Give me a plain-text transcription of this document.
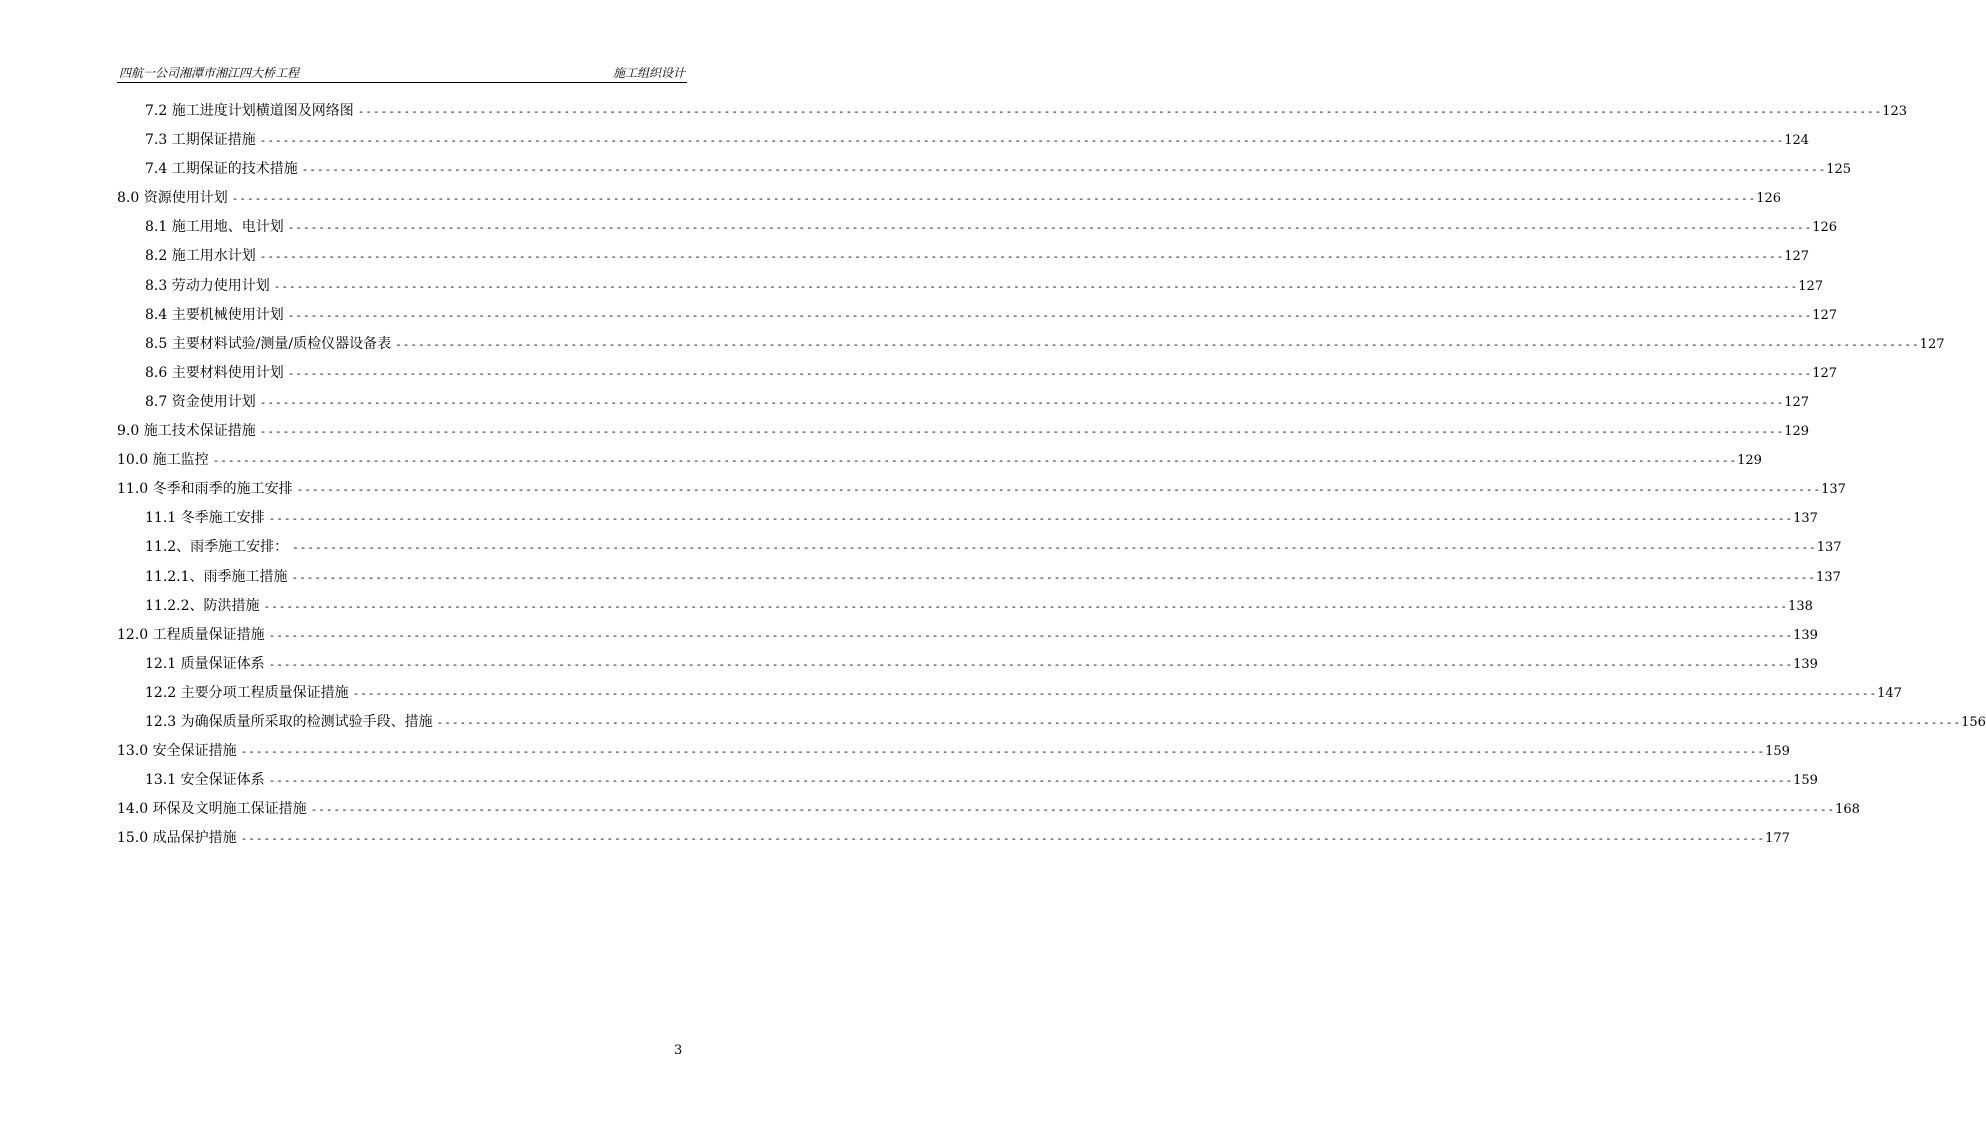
四航一公司湘潭市湘江四大桥工程	施工组织设计
7.2 施工进度计划横道图及网络图 -------------------------------------------------------------------------------------------------------------------------------------------------------------------------------------------------------- 123
7.3 工期保证措施 -------------------------------------------------------------------------------------------------------------------------------------------------------------------------------------------------------- 124
7.4 工期保证的技术措施 -------------------------------------------------------------------------------------------------------------------------------------------------------------------------------------------------------- 125
8.0 资源使用计划 -------------------------------------------------------------------------------------------------------------------------------------------------------------------------------------------------------- 126
8.1 施工用地、电计划 -------------------------------------------------------------------------------------------------------------------------------------------------------------------------------------------------------- 126
8.2 施工用水计划 -------------------------------------------------------------------------------------------------------------------------------------------------------------------------------------------------------- 127
8.3 劳动力使用计划 -------------------------------------------------------------------------------------------------------------------------------------------------------------------------------------------------------- 127
8.4 主要机械使用计划 -------------------------------------------------------------------------------------------------------------------------------------------------------------------------------------------------------- 127
8.5 主要材料试验/测量/质检仪器设备表 -------------------------------------------------------------------------------------------------------------------------------------------------------------------------------------------------------- 127
8.6 主要材料使用计划 -------------------------------------------------------------------------------------------------------------------------------------------------------------------------------------------------------- 127
8.7 资金使用计划 -------------------------------------------------------------------------------------------------------------------------------------------------------------------------------------------------------- 127
9.0 施工技术保证措施 -------------------------------------------------------------------------------------------------------------------------------------------------------------------------------------------------------- 129
10.0 施工监控 -------------------------------------------------------------------------------------------------------------------------------------------------------------------------------------------------------- 129
11.0 冬季和雨季的施工安排 -------------------------------------------------------------------------------------------------------------------------------------------------------------------------------------------------------- 137
11.1 冬季施工安排 -------------------------------------------------------------------------------------------------------------------------------------------------------------------------------------------------------- 137
11.2、雨季施工安排： -------------------------------------------------------------------------------------------------------------------------------------------------------------------------------------------------------- 137
11.2.1、雨季施工措施 -------------------------------------------------------------------------------------------------------------------------------------------------------------------------------------------------------- 137
11.2.2、防洪措施 -------------------------------------------------------------------------------------------------------------------------------------------------------------------------------------------------------- 138
12.0 工程质量保证措施 -------------------------------------------------------------------------------------------------------------------------------------------------------------------------------------------------------- 139
12.1 质量保证体系 -------------------------------------------------------------------------------------------------------------------------------------------------------------------------------------------------------- 139
12.2 主要分项工程质量保证措施 -------------------------------------------------------------------------------------------------------------------------------------------------------------------------------------------------------- 147
12.3 为确保质量所采取的检测试验手段、措施 -------------------------------------------------------------------------------------------------------------------------------------------------------------------------------------------------------- 156
13.0 安全保证措施 -------------------------------------------------------------------------------------------------------------------------------------------------------------------------------------------------------- 159
13.1 安全保证体系 -------------------------------------------------------------------------------------------------------------------------------------------------------------------------------------------------------- 159
14.0 环保及文明施工保证措施 -------------------------------------------------------------------------------------------------------------------------------------------------------------------------------------------------------- 168
15.0 成品保护措施 -------------------------------------------------------------------------------------------------------------------------------------------------------------------------------------------------------- 177
3
